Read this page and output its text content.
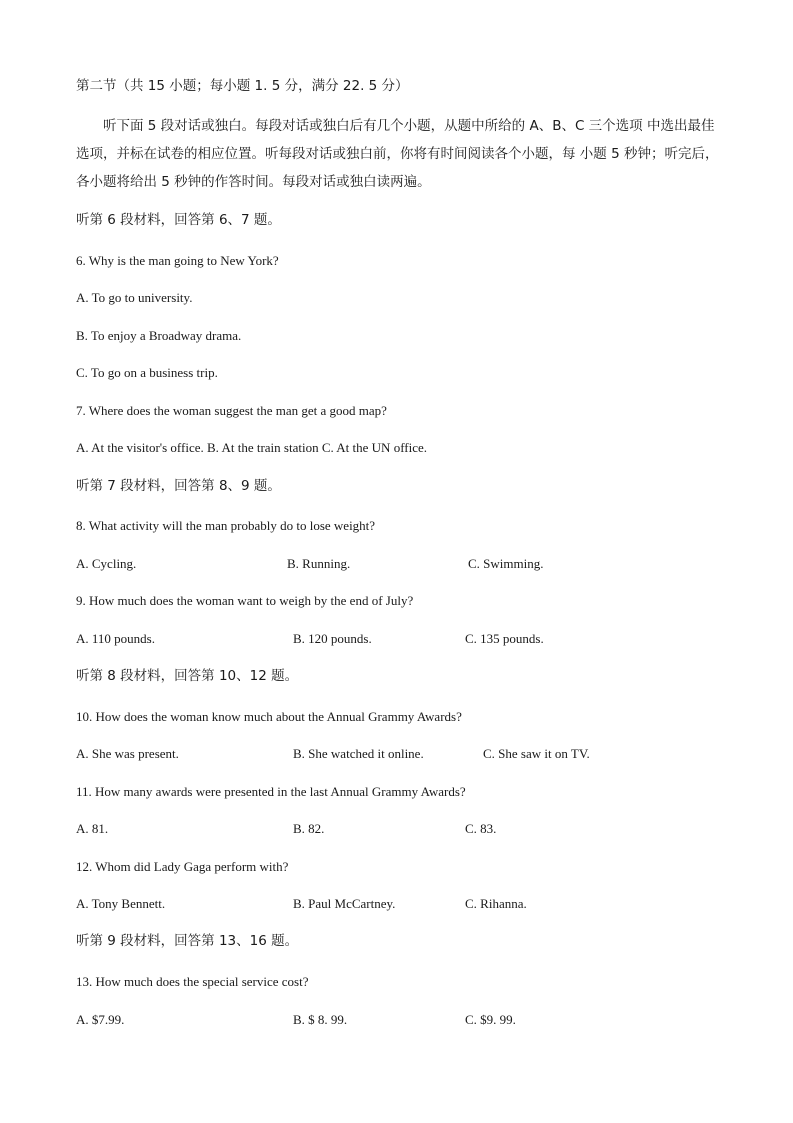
第二节（共 15 小题；每小题 1. 5 分，满分 22. 5 分）
听下面 5 段对话或独白。每段对话或独白后有几个小题，从题中所给的 A、B、C 三个选项 中选出最佳选项，并标在试卷的相应位置。听每段对话或独白前，你将有时间阅读各个小题，每 小题 5 秒钟；听完后，各小题将给出 5 秒钟的作答时间。每段对话或独白读两遍。
听第 6 段材料，回答第 6、7 题。
6. Why is the man going to New York?
A. To go to university.
B. To enjoy a Broadway drama.
C. To go on a business trip.
7. Where does the woman suggest the man get a good map?
A. At the visitor's office. B. At the train station C. At the UN office.
听第 7 段材料，回答第 8、9 题。
8. What activity will the man probably do to lose weight?
A. Cycling.	B. Running.	C. Swimming.
9. How much does the woman want to weigh by the end of July?
A. 110 pounds.	B. 120 pounds.	C. 135 pounds.
听第 8 段材料，回答第 10、12 题。
10. How does the woman know much about the Annual Grammy Awards?
A. She was present.	B. She watched it online.	C. She saw it on TV.
11. How many awards were presented in the last Annual Grammy Awards?
A. 81.	B. 82.	C. 83.
12. Whom did Lady Gaga perform with?
A. Tony Bennett.	B. Paul McCartney.	C. Rihanna.
听第 9 段材料，回答第 13、16 题。
13. How much does the special service cost?
A. $7.99.	B. $ 8. 99.	C. $9. 99.
